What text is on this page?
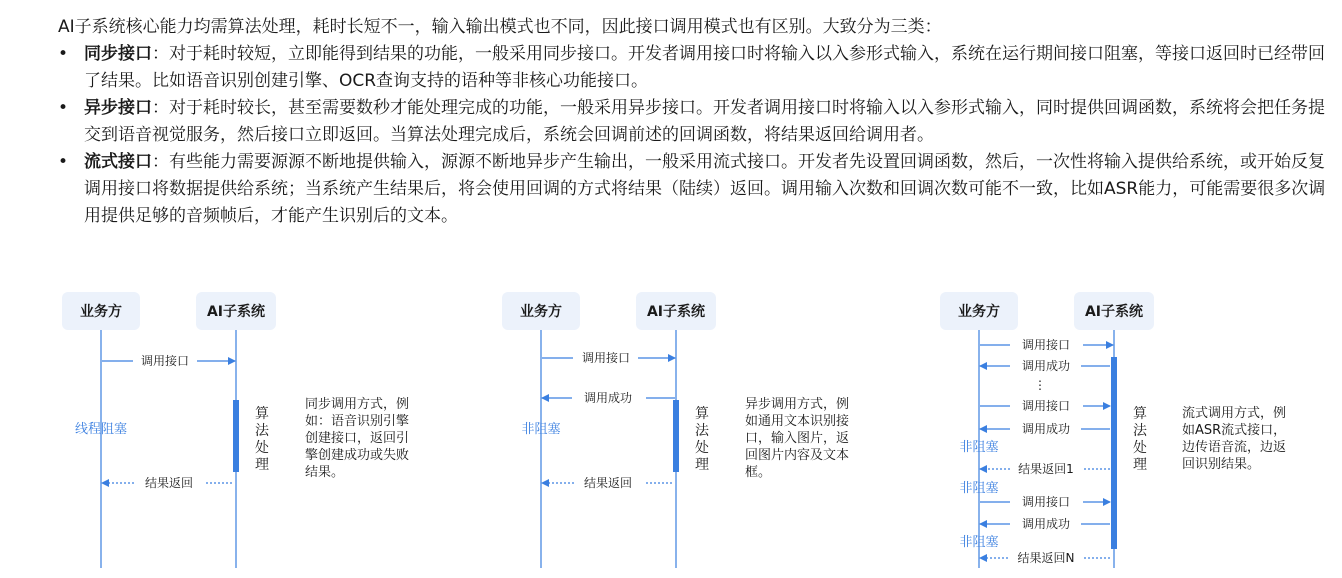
AI子系统核心能力均需算法处理，耗时长短不一，输入输出模式也不同，因此接口调用模式也有区别。大致分为三类：

• 同步接口：对于耗时较短，立即能得到结果的功能，一般采用同步接口。开发者调用接口时将输入以入参形式输入，系统在运行期间接口阻塞，等接口返回时已经带回了结果。比如语音识别创建引擎、OCR查询支持的语种等非核心功能接口。
• 异步接口：对于耗时较长，甚至需要数秒才能处理完成的功能，一般采用异步接口。开发者调用接口时将输入以入参形式输入，同时提供回调函数，系统将会把任务提交到语音视觉服务，然后接口立即返回。当算法处理完成后，系统会回调前述的回调函数，将结果返回给调用者。
• 流式接口：有些能力需要源源不断地提供输入，源源不断地异步产生输出，一般采用流式接口。开发者先设置回调函数，然后，一次性将输入提供给系统，或开始反复调用接口将数据提供给系统；当系统产生结果后，将会使用回调的方式将结果（陆续）返回。调用输入次数和回调次数可能不一致，比如ASR能力，可能需要很多次调用提供足够的音频帧后，才能产生识别后的文本。
业务方	AI子系统
调用接口
线程阻塞
算
法
处
理
同步调用方式，例
如：语音识别引擎
创建接口，返回引
擎创建成功或失败
结果。
结果返回
业务方	AI子系统
调用接口
调用成功
非阻塞
算
法
处
理
异步调用方式，例
如通用文本识别接
口，输入图片，返
回图片内容及文本
框。
结果返回
业务方	AI子系统
调用接口
调用成功
⋮
调用接口
调用成功
非阻塞
结果返回1
非阻塞
调用接口
调用成功
非阻塞
结果返回N
算
法
处
理
流式调用方式，例
如ASR流式接口，
边传语音流，边返
回识别结果。
